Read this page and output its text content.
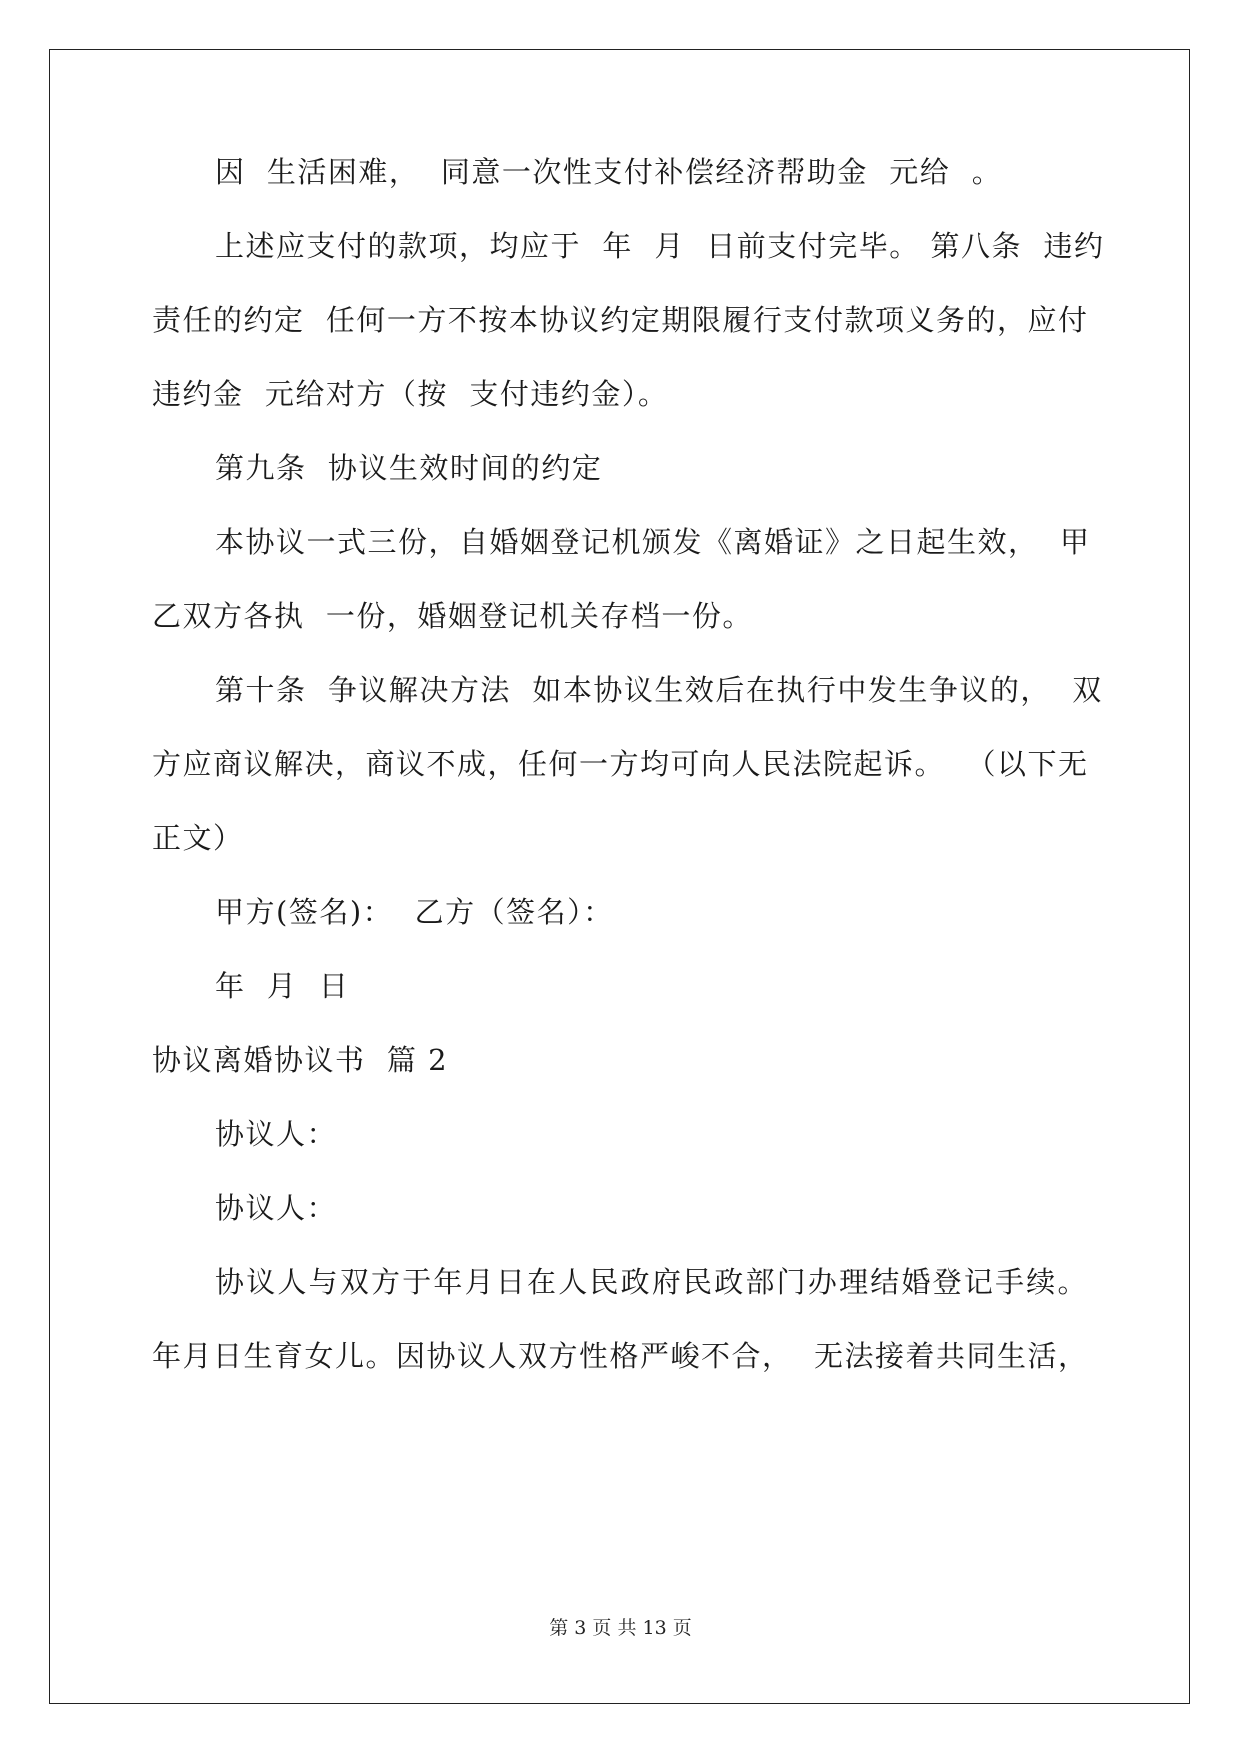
因  生活困难，  同意一次性支付补偿经济帮助金  元给  。
上述应支付的款项，均应于  年  月  日前支付完毕。 第八条  违约
责任的约定  任何一方不按本协议约定期限履行支付款项义务的，应付
违约金  元给对方（按  支付违约金）。
第九条  协议生效时间的约定
本协议一式三份，自婚姻登记机颁发《离婚证》之日起生效，  甲
乙双方各执  一份，婚姻登记机关存档一份。
第十条  争议解决方法  如本协议生效后在执行中发生争议的，  双
方应商议解决，商议不成，任何一方均可向人民法院起诉。  （以下无
正文）
甲方(签名)：  乙方（签名）：
年  月  日
协议离婚协议书  篇 2
协议人：
协议人：
协议人与双方于年月日在人民政府民政部门办理结婚登记手续。
年月日生育女儿。因协议人双方性格严峻不合，  无法接着共同生活，
第 3 页 共 13 页
